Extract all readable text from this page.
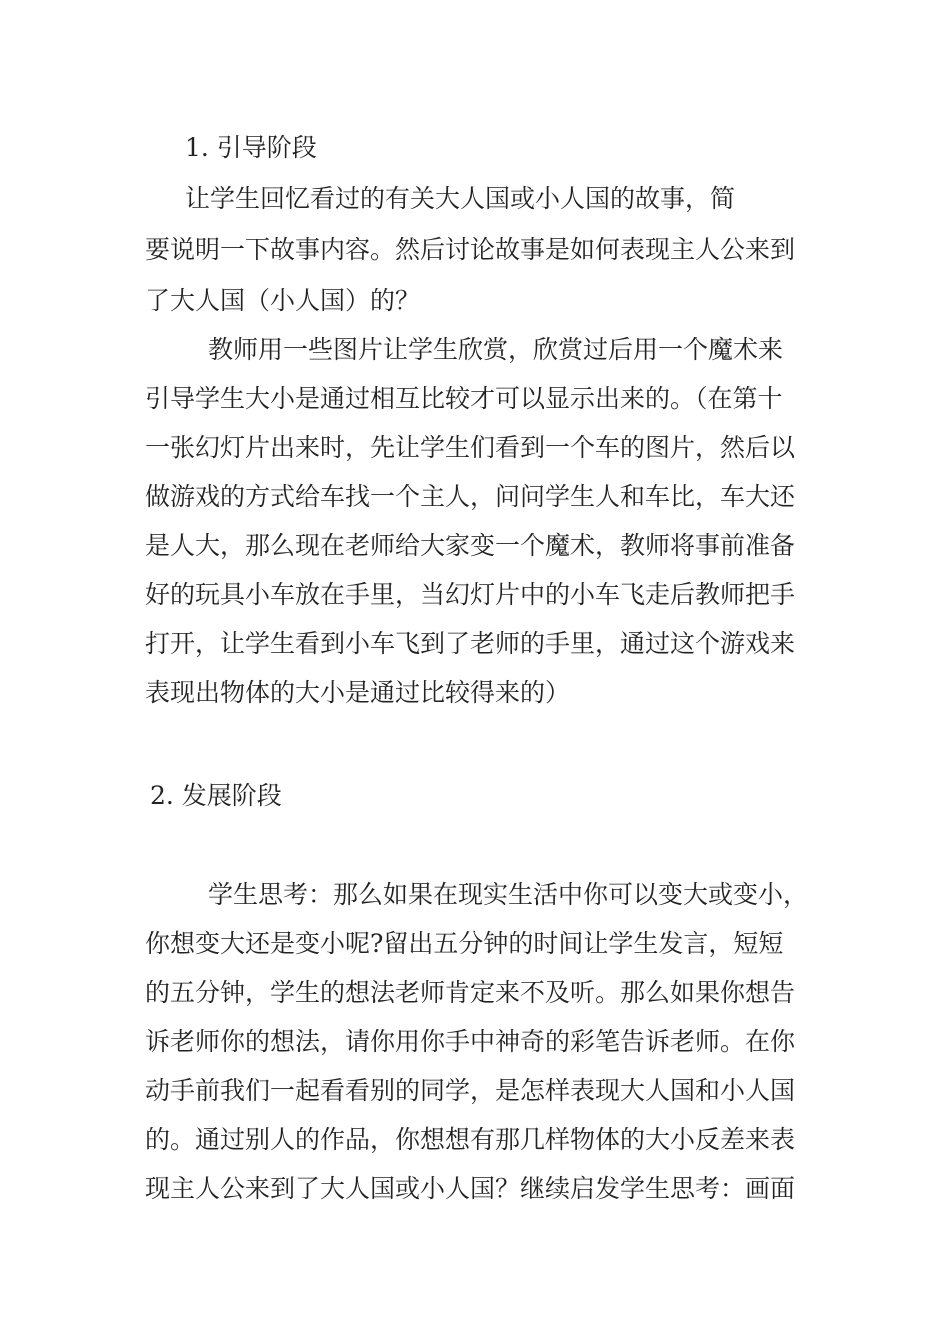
1. 引导阶段
让学生回忆看过的有关大人国或小人国的故事，简
要说明一下故事内容。然后讨论故事是如何表现主人公来到
了大人国（小人国）的？
教师用一些图片让学生欣赏，欣赏过后用一个魔术来
引导学生大小是通过相互比较才可以显示出来的。（在第十
一张幻灯片出来时，先让学生们看到一个车的图片，然后以
做游戏的方式给车找一个主人，问问学生人和车比，车大还
是人大，那么现在老师给大家变一个魔术，教师将事前准备
好的玩具小车放在手里，当幻灯片中的小车飞走后教师把手
打开，让学生看到小车飞到了老师的手里，通过这个游戏来
表现出物体的大小是通过比较得来的）
2. 发展阶段
学生思考：那么如果在现实生活中你可以变大或变小，
你想变大还是变小呢?留出五分钟的时间让学生发言，短短
的五分钟，学生的想法老师肯定来不及听。那么如果你想告
诉老师你的想法，请你用你手中神奇的彩笔告诉老师。在你
动手前我们一起看看别的同学，是怎样表现大人国和小人国
的。通过别人的作品，你想想有那几样物体的大小反差来表
现主人公来到了大人国或小人国？继续启发学生思考：画面
